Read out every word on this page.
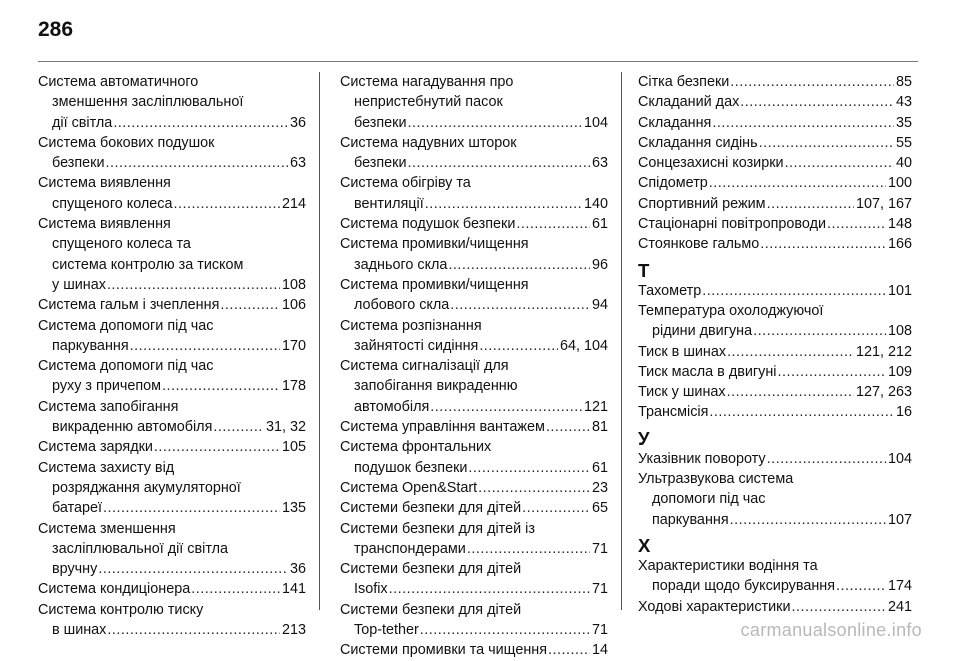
286
Система автоматичного
зменшення засліплювальної
дії світла .....	36
Система бокових подушок
безпеки .....	63
Система виявлення
спущеного колеса .....	214
Система виявлення
спущеного колеса та
система контролю за тиском
у шинах .....	108
Система гальм і зчеплення .....	106
Система допомоги під час
паркування .....	170
Система допомоги під час
руху з причепом .....	178
Система запобігання
викраденню автомобіля .....	31, 32
Система зарядки .....	105
Система захисту від
розряджання акумуляторної
батареї .....	135
Система зменшення
засліплювальної дії світла
вручну .....	36
Система кондиціонера .....	141
Система контролю тиску
в шинах .....	213
Система нагадування про
непристебнутий пасок
безпеки .....	104
Система надувних шторок
безпеки .....	63
Система обігріву та
вентиляції .....	140
Система подушок безпеки .....	61
Система промивки/чищення
заднього скла .....	96
Система промивки/чищення
лобового скла .....	94
Система розпізнання
зайнятості сидіння .....	64, 104
Система сигналізації для
запобігання викраденню
автомобіля .....	121
Система управління вантажем .....	81
Система фронтальних
подушок безпеки .....	61
Система Open&Start .....	23
Системи безпеки для дітей .....	65
Системи безпеки для дітей із
транспондерами .....	71
Системи безпеки для дітей
Isofix .....	71
Системи безпеки для дітей
Top-tether .....	71
Системи промивки та чищення .....	14
Сітка безпеки .....	85
Складаний дах .....	43
Складання .....	35
Складання сидінь .....	55
Сонцезахисні козирки .....	40
Спідометр .....	100
Спортивний режим .....	107, 167
Стаціонарні повітропроводи .....	148
Стоянкове гальмо .....	166
Т
Тахометр .....	101
Температура охолоджуючої
рідини двигуна .....	108
Тиск в шинах .....	121, 212
Тиск масла в двигуні .....	109
Тиск у шинах .....	127, 263
Трансмісія .....	16
У
Указівник повороту .....	104
Ультразвукова система
допомоги під час
паркування .....	107
Х
Характеристики водіння та
поради щодо буксирування .....	174
Ходові характеристики .....	241
carmanualsonline.info
